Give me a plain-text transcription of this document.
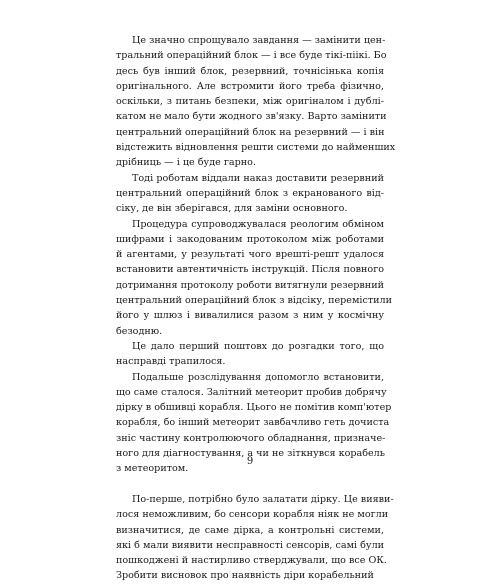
Це значно спрощувало завдання — замінити цен-
тральний операційний блок — і все буде тікі-піікі. Бо
десь був інший блок, резервний, точнісінька копія
оригінального. Але встромити його треба фізично,
оскільки, з питань безпеки, між оригіналом і дублі-
катом не мало бути жодного зв'язку. Варто замінити
центральний операційний блок на резервний — і він
відстежить відновлення решти системи до найменших
дрібниць — і це буде гарно.
Тоді роботам віддали наказ доставити резервний
центральний операційний блок з екранованого від-
сіку, де він зберігався, для заміни основного.
Процедура супроводжувалася реологим обміном
шифрами і закодованим протоколом між роботами
й агентами, у результаті чого врешті-решт удалося
встановити автентичність інструкцій. Після повного
дотримання протоколу роботи витягнули резервний
центральний операційний блок з відсіку, перемістили
його у шлюз і вивалилися разом з ним у космічну
безодню.
Це дало перший поштовх до розгадки того, що
насправді трапилося.
Подальше розслідування допомогло встановити,
що саме сталося. Залітний метеорит пробив добрячу
дірку в обшивці корабля. Цього не помітив комп'ютер
корабля, бо інший метеорит завбачливо геть дочиста
зніс частину контролюючого обладнання, призначе-
ного для діагностування, а чи не зіткнувся корабель
з метеоритом.
По-перше, потрібно було залатати дірку. Це вияви-
лося неможливим, бо сенсори корабля ніяк не могли
визначитися, де саме дірка, а контрольні системи,
які б мали виявити несправності сенсорів, самі були
пошкоджені й настирливо стверджували, що все ОК.
Зробити висновок про наявність діри корабельний
9
